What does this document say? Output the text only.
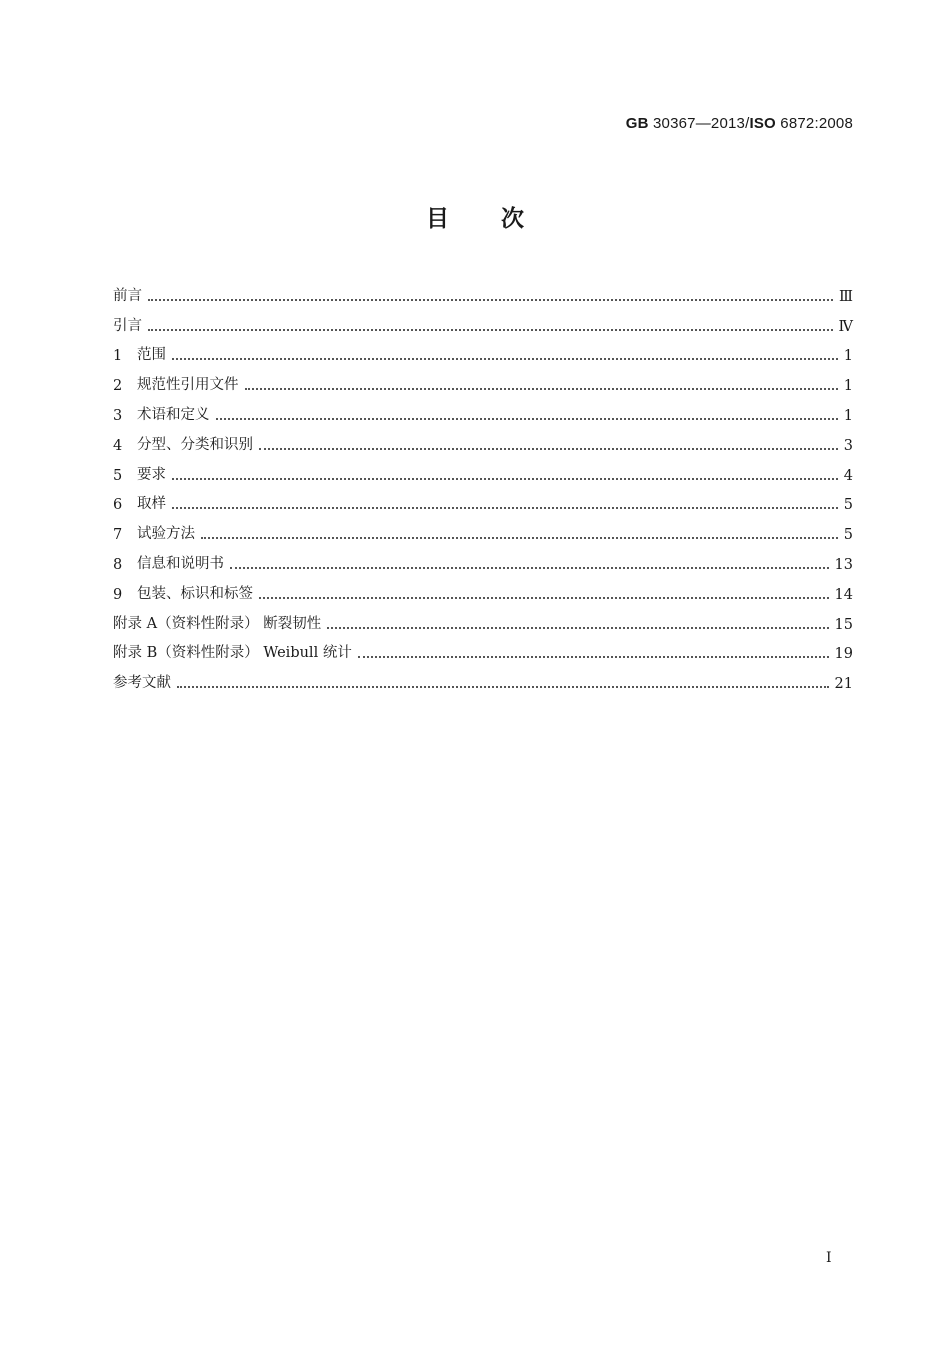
GB 30367—2013/ISO 6872:2008
目次
前言	Ⅲ
引言	Ⅳ
1	范围	1
2	规范性引用文件	1
3	术语和定义	1
4	分型、分类和识别	3
5	要求	4
6	取样	5
7	试验方法	5
8	信息和说明书	13
9	包装、标识和标签	14
附录 A（资料性附录） 断裂韧性	15
附录 B（资料性附录） Weibull 统计	19
参考文献	21
I
